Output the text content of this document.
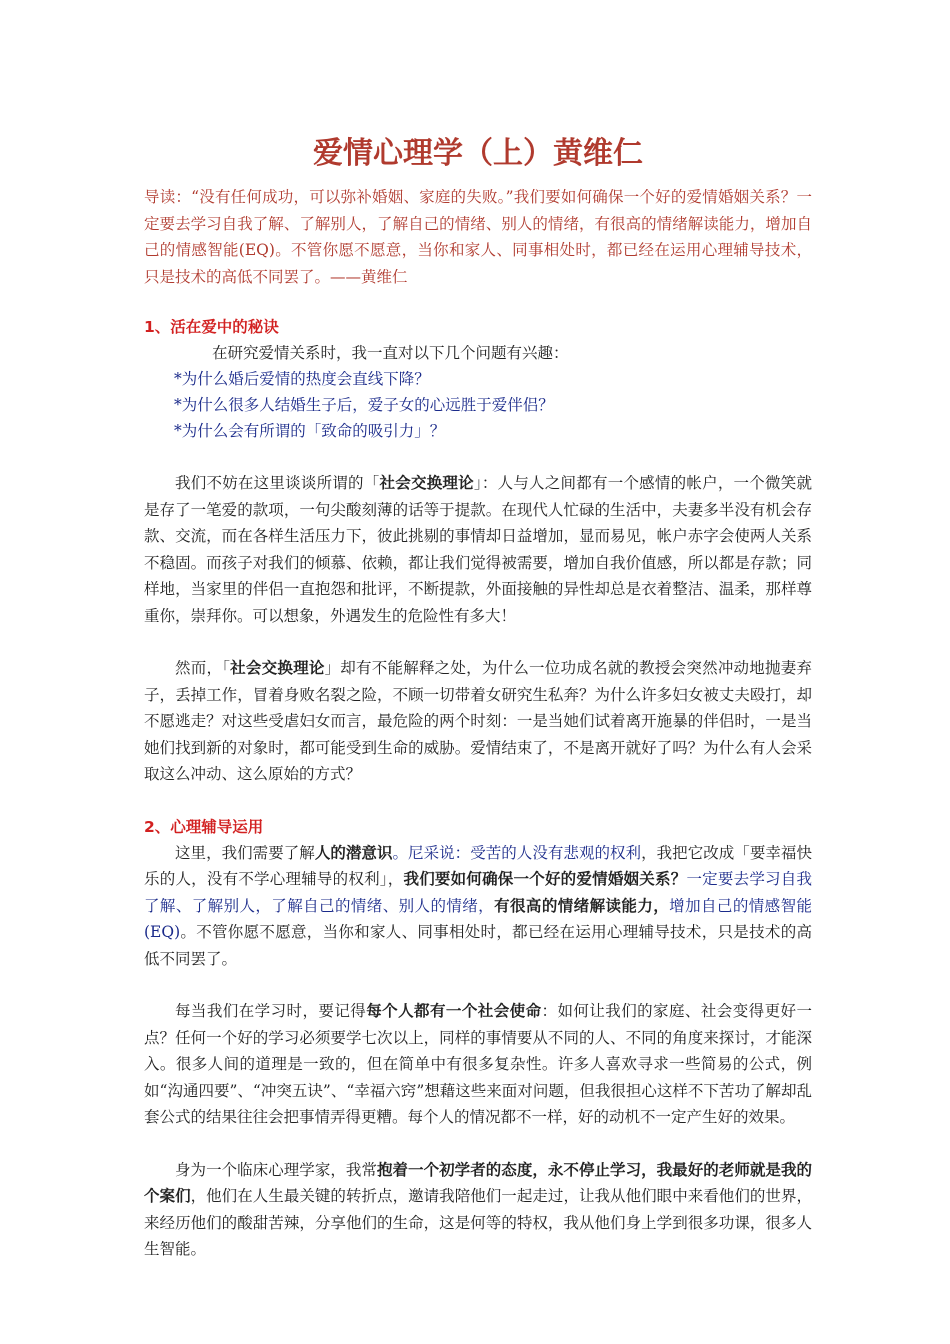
爱情心理学（上）黄维仁

导读：“没有任何成功，可以弥补婚姻、家庭的失败。”我们要如何确保一个好的爱情婚姻关系？一定要去学习自我了解、了解别人，了解自己的情绪、别人的情绪，有很高的情绪解读能力，增加自己的情感智能(EQ)。不管你愿不愿意，当你和家人、同事相处时，都已经在运用心理辅导技术，只是技术的高低不同罢了。——黄维仁

1、活在爱中的秘诀

在研究爱情关系时，我一直对以下几个问题有兴趣：

*为什么婚后爱情的热度会直线下降？

*为什么很多人结婚生子后，爱子女的心远胜于爱伴侣？

*为什么会有所谓的「致命的吸引力」？

我们不妨在这里谈谈所谓的「社会交换理论」：人与人之间都有一个感情的帐户，一个微笑就是存了一笔爱的款项，一句尖酸刻薄的话等于提款。在现代人忙碌的生活中，夫妻多半没有机会存款、交流，而在各样生活压力下，彼此挑剔的事情却日益增加，显而易见，帐户赤字会使两人关系不稳固。而孩子对我们的倾慕、依赖，都让我们觉得被需要，增加自我价值感，所以都是存款；同样地，当家里的伴侣一直抱怨和批评，不断提款，外面接触的异性却总是衣着整洁、温柔，那样尊重你，崇拜你。可以想象，外遇发生的危险性有多大！

然而，「社会交换理论」却有不能解释之处，为什么一位功成名就的教授会突然冲动地抛妻弃子，丢掉工作，冒着身败名裂之险，不顾一切带着女研究生私奔？为什么许多妇女被丈夫殴打，却不愿逃走？对这些受虐妇女而言，最危险的两个时刻：一是当她们试着离开施暴的伴侣时，一是当她们找到新的对象时，都可能受到生命的威胁。爱情结束了，不是离开就好了吗？为什么有人会采取这么冲动、这么原始的方式？

2、心理辅导运用

这里，我们需要了解人的潜意识。尼采说：受苦的人没有悲观的权利，我把它改成「要幸福快乐的人，没有不学心理辅导的权利」，我们要如何确保一个好的爱情婚姻关系？一定要去学习自我了解、了解别人，了解自己的情绪、别人的情绪，有很高的情绪解读能力，增加自己的情感智能(EQ)。不管你愿不愿意，当你和家人、同事相处时，都已经在运用心理辅导技术，只是技术的高低不同罢了。

每当我们在学习时，要记得每个人都有一个社会使命：如何让我们的家庭、社会变得更好一点？任何一个好的学习必须要学七次以上，同样的事情要从不同的人、不同的角度来探讨，才能深入。很多人间的道理是一致的，但在简单中有很多复杂性。许多人喜欢寻求一些简易的公式，例如“沟通四要”、“冲突五诀”、“幸福六窍”想藉这些来面对问题，但我很担心这样不下苦功了解却乱套公式的结果往往会把事情弄得更糟。每个人的情况都不一样，好的动机不一定产生好的效果。

身为一个临床心理学家，我常抱着一个初学者的态度，永不停止学习，我最好的老师就是我的个案们，他们在人生最关键的转折点，邀请我陪他们一起走过，让我从他们眼中来看他们的世界，来经历他们的酸甜苦辣，分享他们的生命，这是何等的特权，我从他们身上学到很多功课，很多人生智能。
